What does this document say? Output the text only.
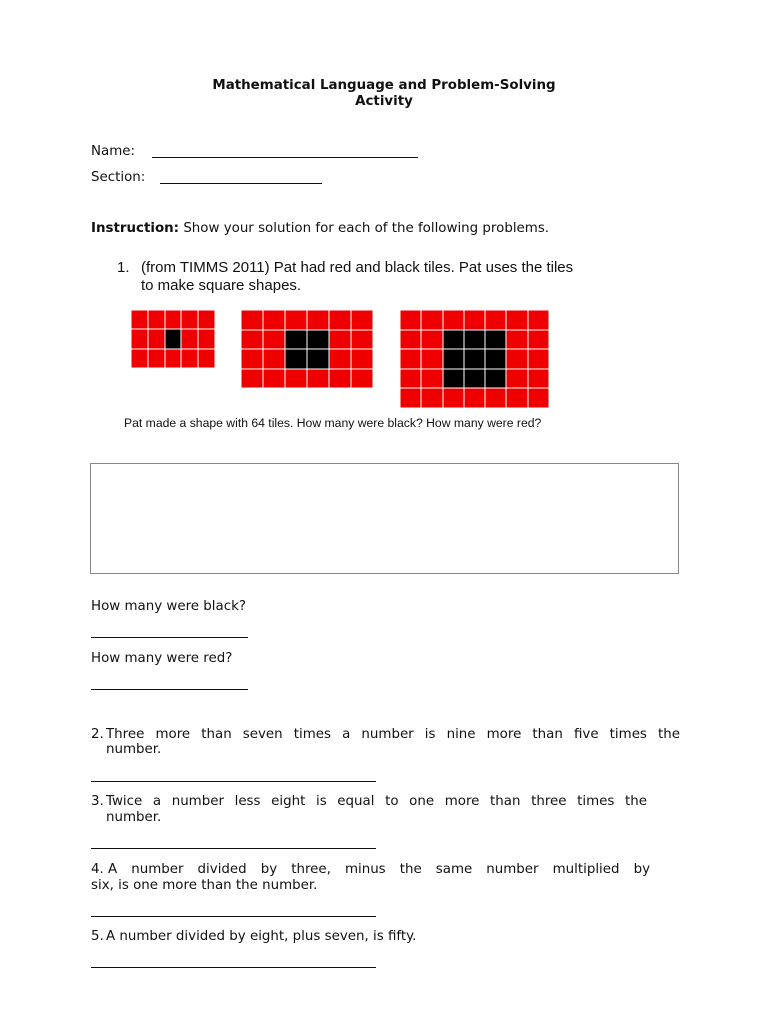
Mathematical Language and Problem-Solving
Activity
Name:
Section:
Instruction: Show your solution for each of the following problems.
1. (from TIMMS 2011) Pat had red and black tiles. Pat uses the tiles
to make square shapes.
Pat made a shape with 64 tiles. How many were black? How many were red?
How many were black?
How many were red?
2. Three more than seven times a number is nine more than five times the
number.
3. Twice a number less eight is equal to one more than three times the
number.
4. A number divided by three, minus the same number multiplied by
six, is one more than the number.
5. A number divided by eight, plus seven, is fifty.
